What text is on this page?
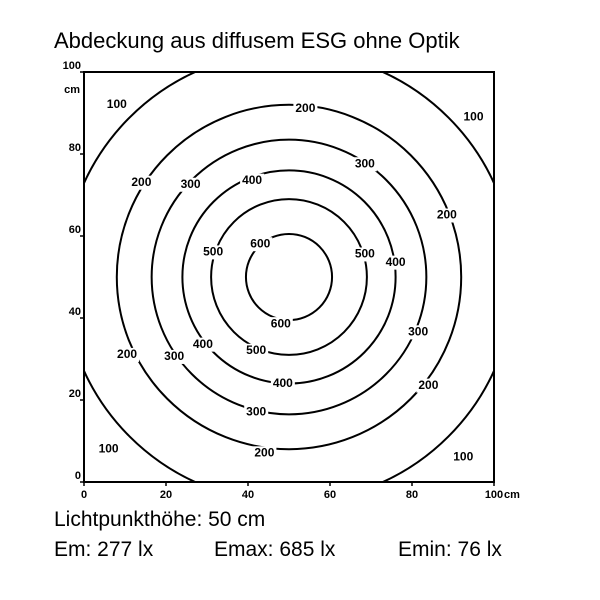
Abdeckung aus diffusem ESG ohne Optik
600
600
500	500
500
400
400
400
400
300
300
300
300
300
200
200
200
200
200
200
100
100
100
100
0	20	40	60	80	100 cm
0
20
40
60
80
100
cm
Lichtpunkthöhe: 50 cm
Em: 277 lx	Emax: 685 lx	Emin: 76 lx
